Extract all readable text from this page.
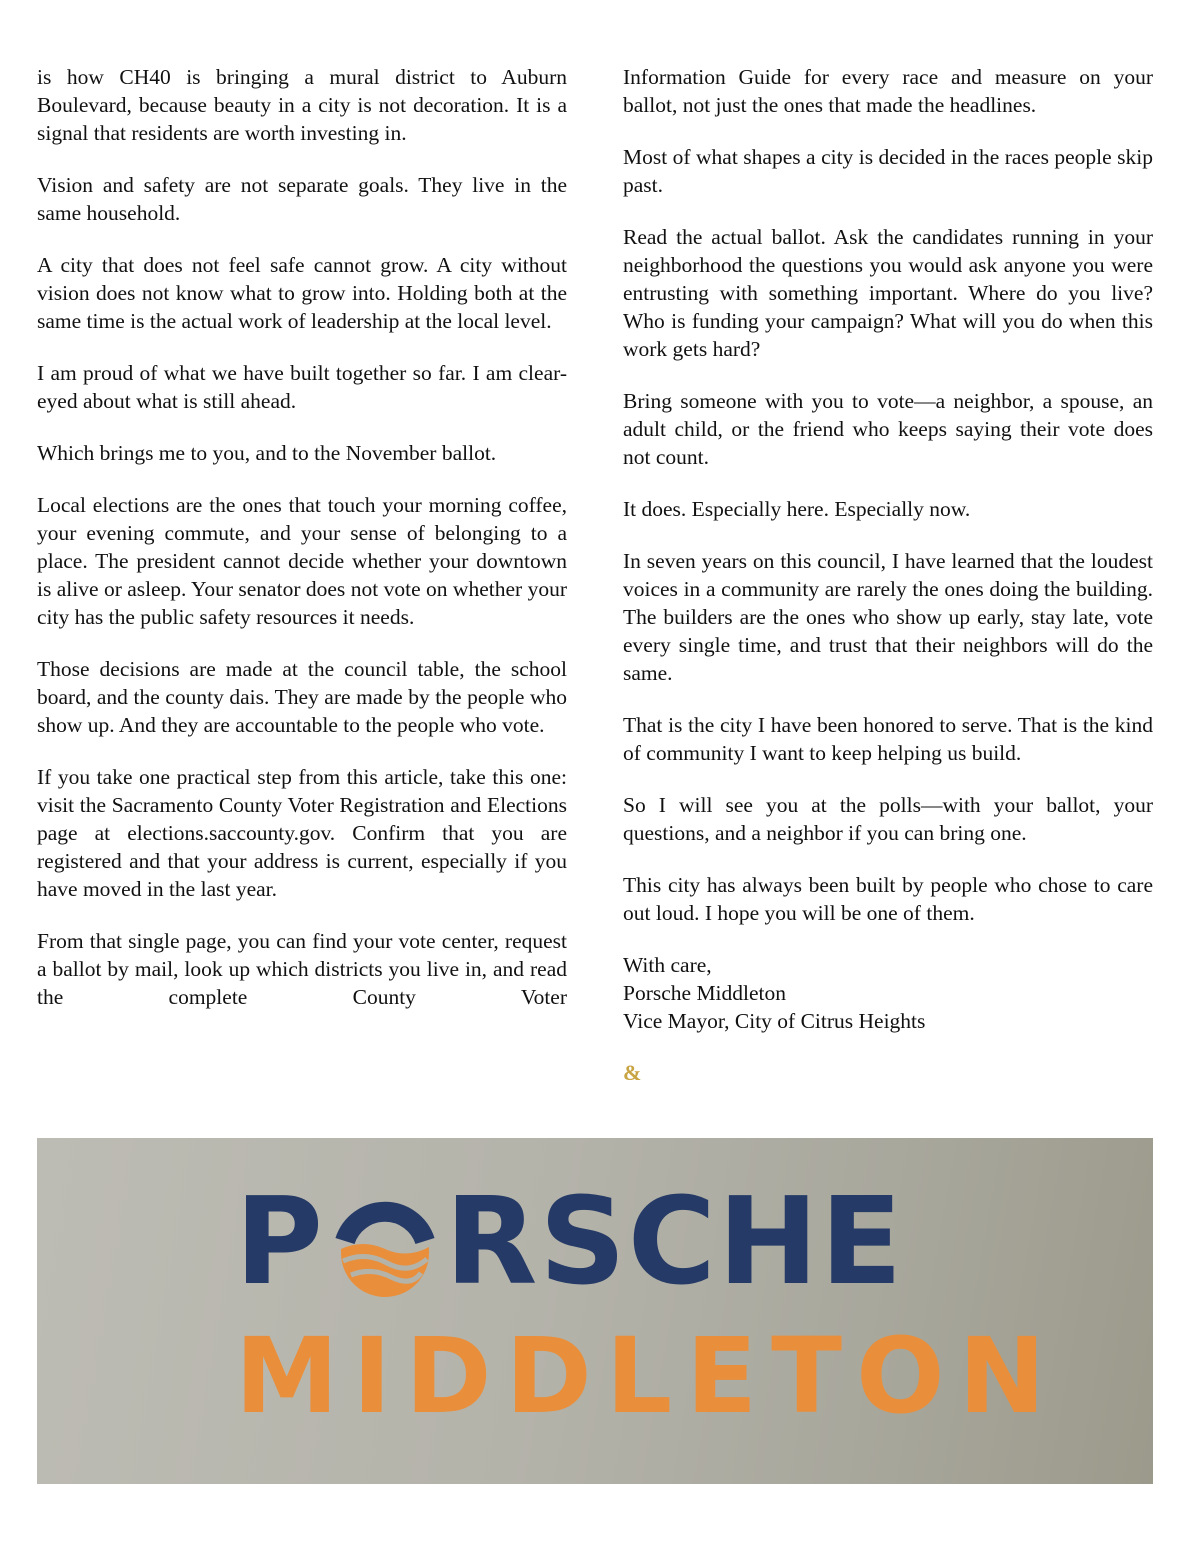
is how CH40 is bringing a mural district to Auburn Boulevard, because beauty in a city is not decoration. It is a signal that residents are worth investing in.

Vision and safety are not separate goals. They live in the same household.

A city that does not feel safe cannot grow. A city without vision does not know what to grow into. Holding both at the same time is the actual work of leadership at the local level.

I am proud of what we have built together so far. I am clear-eyed about what is still ahead.

Which brings me to you, and to the November ballot.

Local elections are the ones that touch your morning coffee, your evening commute, and your sense of belonging to a place. The president cannot decide whether your downtown is alive or asleep. Your senator does not vote on whether your city has the public safety resources it needs.

Those decisions are made at the council table, the school board, and the county dais. They are made by the people who show up. And they are accountable to the people who vote.

If you take one practical step from this article, take this one: visit the Sacramento County Voter Registration and Elections page at elections.saccounty.gov. Confirm that you are registered and that your address is current, especially if you have moved in the last year.

From that single page, you can find your vote center, request a ballot by mail, look up which districts you live in, and read the complete County Voter

Information Guide for every race and measure on your ballot, not just the ones that made the headlines.

Most of what shapes a city is decided in the races people skip past.

Read the actual ballot. Ask the candidates running in your neighborhood the questions you would ask anyone you were entrusting with something important. Where do you live? Who is funding your campaign? What will you do when this work gets hard?

Bring someone with you to vote—a neighbor, a spouse, an adult child, or the friend who keeps saying their vote does not count.

It does. Especially here. Especially now.

In seven years on this council, I have learned that the loudest voices in a community are rarely the ones doing the building. The builders are the ones who show up early, stay late, vote every single time, and trust that their neighbors will do the same.

That is the city I have been honored to serve. That is the kind of community I want to keep helping us build.

So I will see you at the polls—with your ballot, your questions, and a neighbor if you can bring one.

This city has always been built by people who chose to care out loud. I hope you will be one of them.

With care,
Porsche Middleton
Vice Mayor, City of Citrus Heights

&

P RSCHE
MIDDLETON
